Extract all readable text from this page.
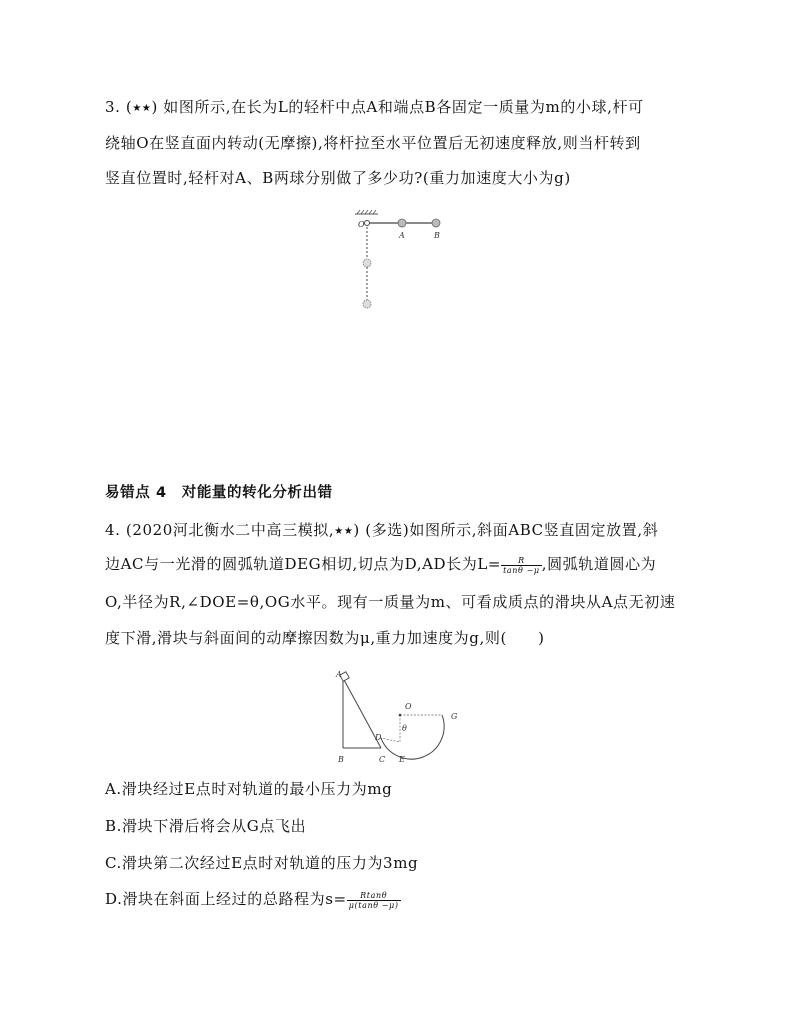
3. (★★) 如图所示,在长为L的轻杆中点A和端点B各固定一质量为m的小球,杆可
绕轴O在竖直面内转动(无摩擦),将杆拉至水平位置后无初速度释放,则当杆转到
竖直位置时,轻杆对A、B两球分别做了多少功?(重力加速度大小为g)
O
A	B
易错点 4　对能量的转化分析出错
4. (2020河北衡水二中高三模拟,★★) (多选)如图所示,斜面ABC竖直固定放置,斜
边AC与一光滑的圆弧轨道DEG相切,切点为D,AD长为$L= \frac{R}{\tan\theta -\mu}$ ,圆弧轨道圆心为
O,半径为R,∠DOE=θ,OG水平。现有一质量为m、可看成质点的滑块从A点无初速
度下滑,滑块与斜面间的动摩擦因数为μ,重力加速度为g,则(　　)
A
B	C
D
E
O
G
θ
A.滑块经过E点时对轨道的最小压力为mg
B.滑块下滑后将会从G点飞出
C.滑块第二次经过E点时对轨道的压力为3mg
D.滑块在斜面上经过的总路程为$s= \frac{Rtan\theta}{\mu(\tan\theta -\mu)}$
